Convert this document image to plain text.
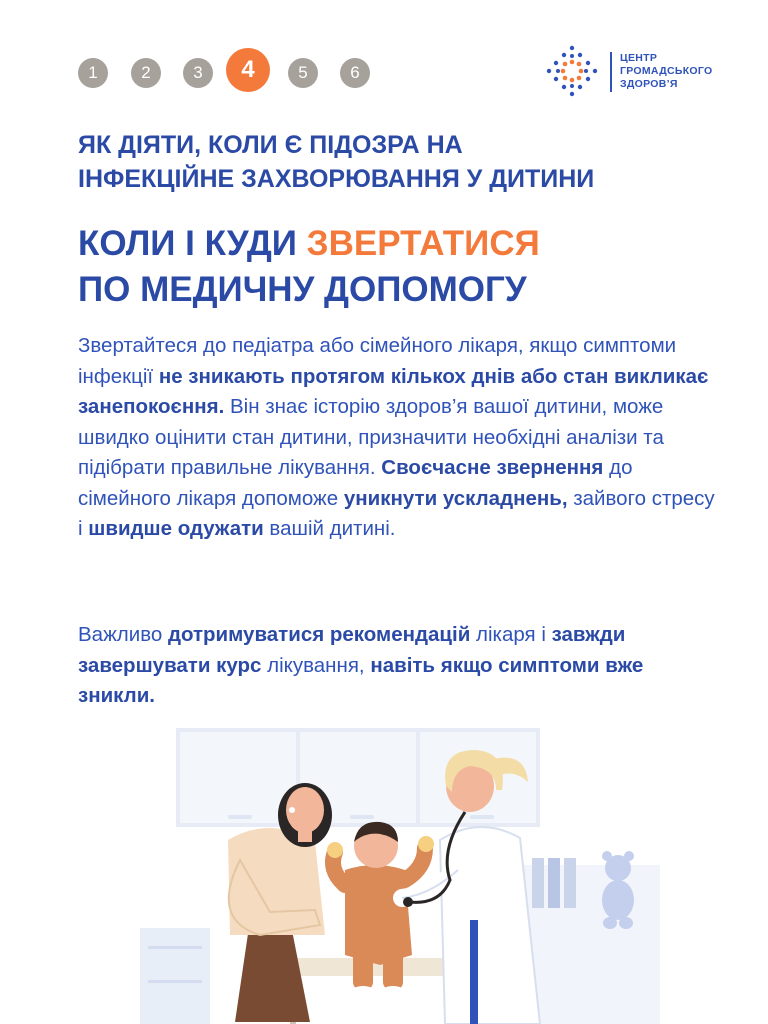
1	2	3	4	5	6
ЦЕНТР
ГРОМАДСЬКОГО
ЗДОРОВ’Я
ЯК ДІЯТИ, КОЛИ Є ПІДОЗРА НА
ІНФЕКЦІЙНЕ ЗАХВОРЮВАННЯ У ДИТИНИ
КОЛИ І КУДИ ЗВЕРТАТИСЯ
ПО МЕДИЧНУ ДОПОМОГУ
Звертайтеся до педіатра або сімейного лікаря, якщо симптоми інфекції не зникають протягом кількох днів або стан викликає занепокоєння. Він знає історію здоров’я вашої дитини, може швидко оцінити стан дитини, призначити необхідні аналізи та підібрати правильне лікування. Своєчасне звернення до сімейного лікаря допоможе уникнути ускладнень, зайвого стресу і швидше одужати вашій дитині.
Важливо дотримуватися рекомендацій лікаря і завжди завершувати курс лікування, навіть якщо симптоми вже зникли.
